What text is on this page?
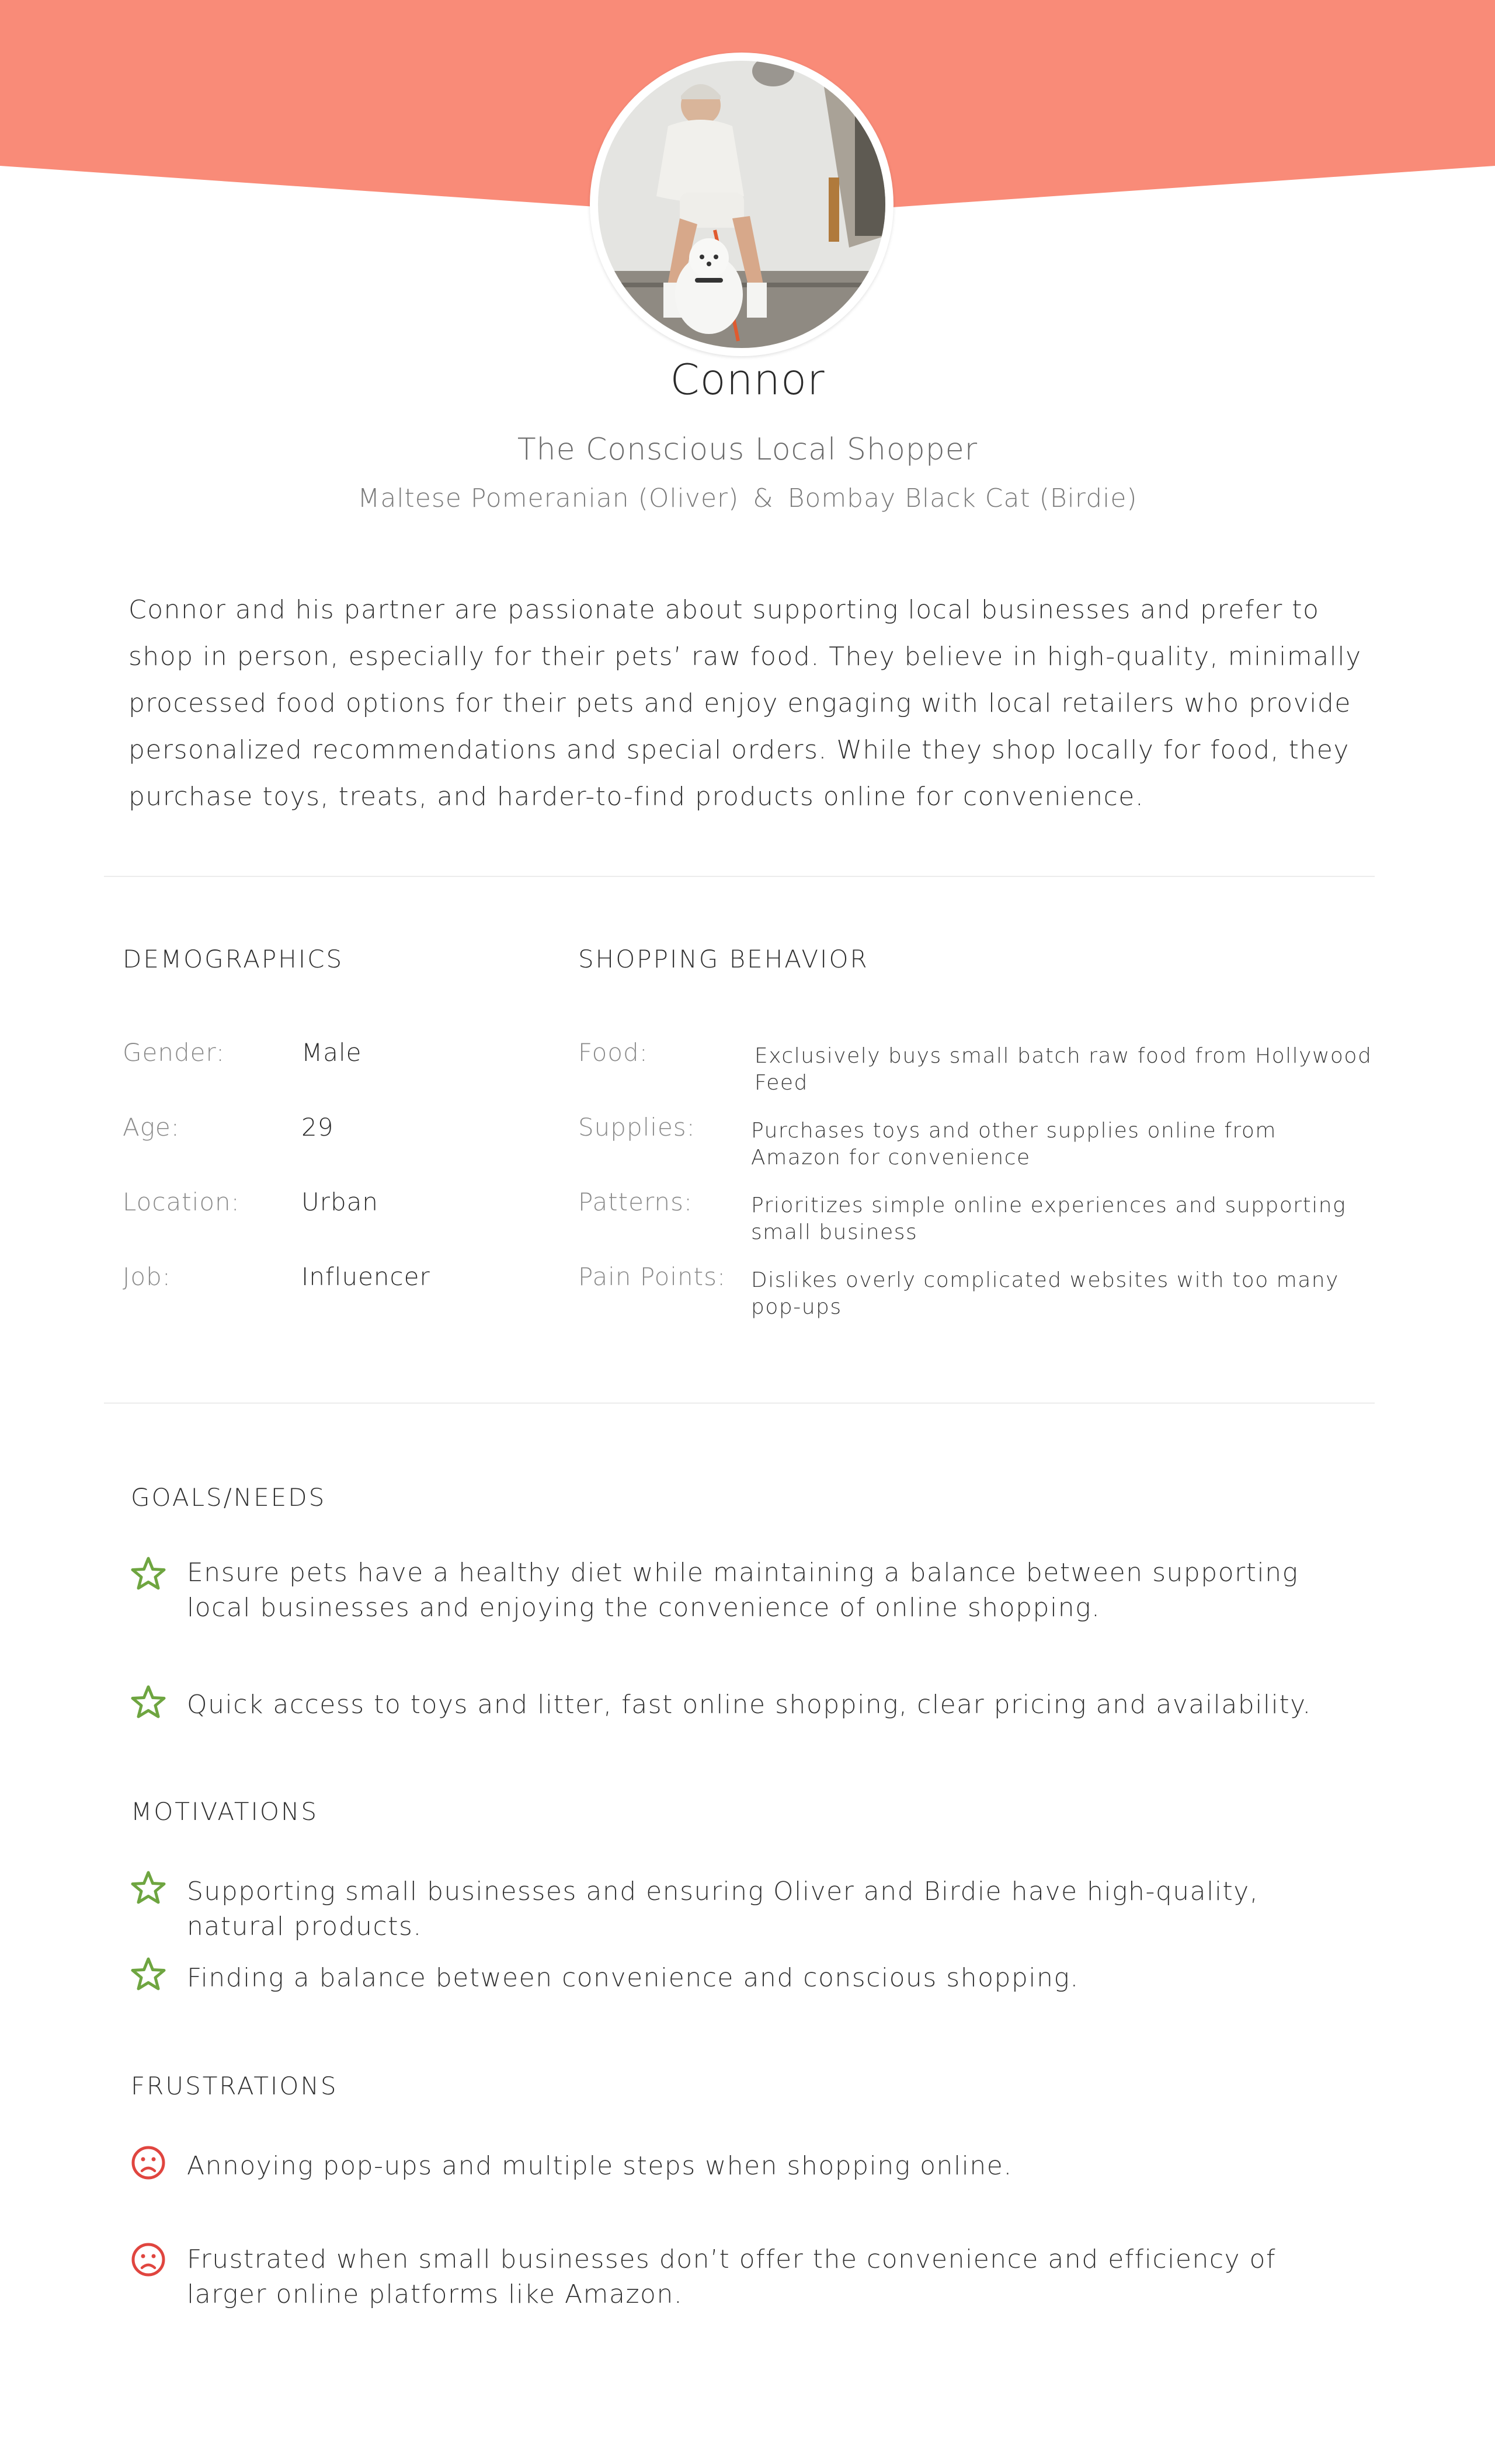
Connor
The Conscious Local Shopper
Maltese Pomeranian (Oliver) & Bombay Black Cat (Birdie)
Connor and his partner are passionate about supporting local businesses and prefer to shop in person, especially for their pets’ raw food. They believe in high-quality, minimally processed food options for their pets and enjoy engaging with local retailers who provide personalized recommendations and special orders. While they shop locally for food, they purchase toys, treats, and harder-to-find products online for convenience.
DEMOGRAPHICS
Gender:	Male
Age:	29
Location:	Urban
Job:	Influencer
SHOPPING BEHAVIOR
Food:	Exclusively buys small batch raw food from Hollywood Feed
Supplies:	Purchases toys and other supplies online from Amazon for convenience
Patterns:	Prioritizes simple online experiences and supporting small business
Pain Points: Dislikes overly complicated websites with too many pop-ups
GOALS/NEEDS
Ensure pets have a healthy diet while maintaining a balance between supporting local businesses and enjoying the convenience of online shopping.
Quick access to toys and litter, fast online shopping, clear pricing and availability.
MOTIVATIONS
Supporting small businesses and ensuring Oliver and Birdie have high-quality, natural products.
Finding a balance between convenience and conscious shopping.
FRUSTRATIONS
Annoying pop-ups and multiple steps when shopping online.
Frustrated when small businesses don’t offer the convenience and efficiency of larger online platforms like Amazon.
